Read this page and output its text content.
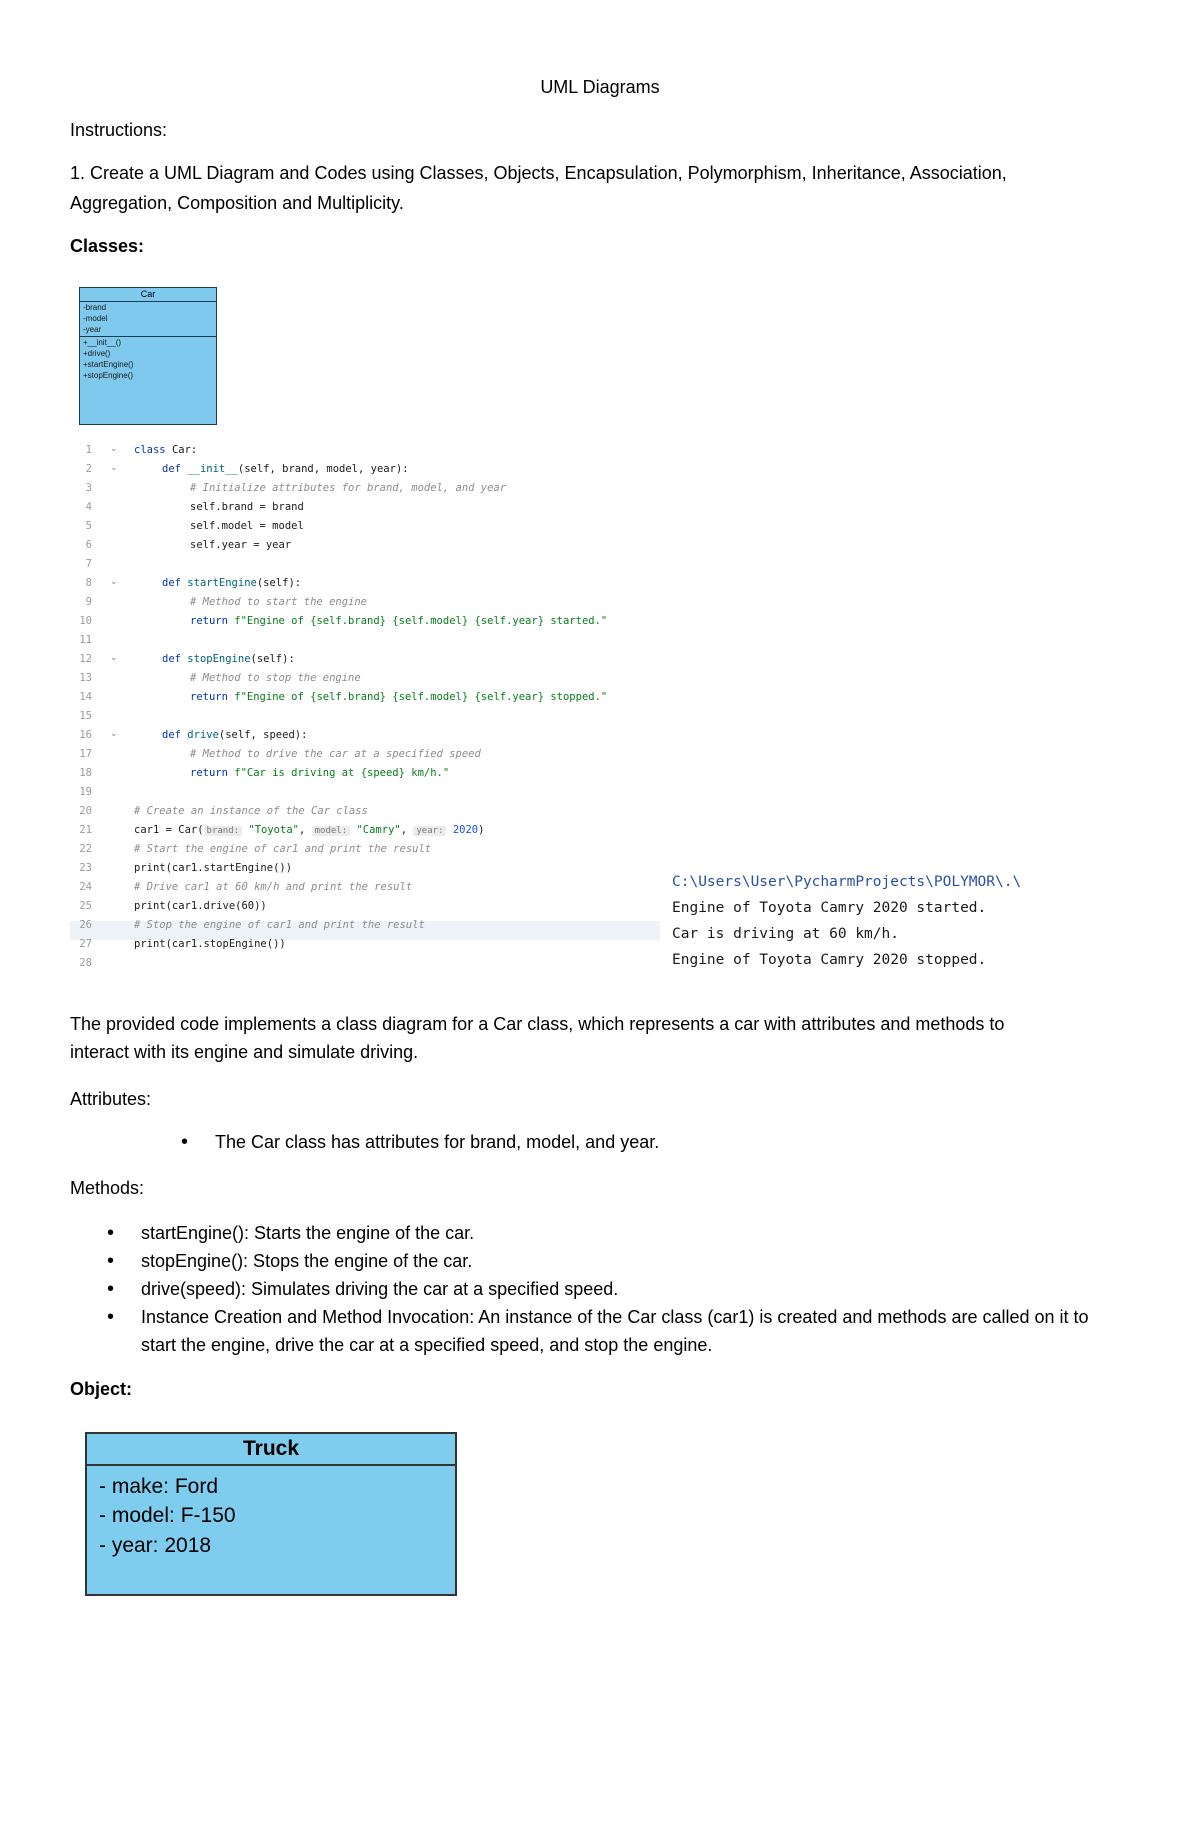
UML Diagrams
Instructions:
1. Create a UML Diagram and Codes using Classes, Objects, Encapsulation, Polymorphism, Inheritance, Association,
Aggregation, Composition and Multiplicity.
Classes:
Car
-brand
-model
-year
+__init__()
+drive()
+startEngine()
+stopEngine()
1
2
3
4
5
6
7
8
9
10
11
12
13
14
15
16
17
18
19
20
21
22
23
24
25
26
27
28
⌄
⌄
⌄
⌄
⌄
class Car:
def __init__(self, brand, model, year):
# Initialize attributes for brand, model, and year
self.brand = brand
self.model = model
self.year = year
def startEngine(self):
# Method to start the engine
return f"Engine of {self.brand} {self.model} {self.year} started."
def stopEngine(self):
# Method to stop the engine
return f"Engine of {self.brand} {self.model} {self.year} stopped."
def drive(self, speed):
# Method to drive the car at a specified speed
return f"Car is driving at {speed} km/h."
# Create an instance of the Car class
car1 = Car( brand: "Toyota", model: "Camry", year: 2020)
# Start the engine of car1 and print the result
print(car1.startEngine())
# Drive car1 at 60 km/h and print the result
print(car1.drive(60))
# Stop the engine of car1 and print the result
print(car1.stopEngine())
C:\Users\User\PycharmProjects\POLYMOR\.\
Engine of Toyota Camry 2020 started.
Car is driving at 60 km/h.
Engine of Toyota Camry 2020 stopped.
The provided code implements a class diagram for a Car class, which represents a car with attributes and methods to
interact with its engine and simulate driving.
Attributes:
• The Car class has attributes for brand, model, and year.
Methods:
• startEngine(): Starts the engine of the car.
• stopEngine(): Stops the engine of the car.
• drive(speed): Simulates driving the car at a specified speed.
• Instance Creation and Method Invocation: An instance of the Car class (car1) is created and methods are called on it to start the engine, drive the car at a specified speed, and stop the engine.
Object:
Truck
- make: Ford
- model: F-150
- year: 2018
